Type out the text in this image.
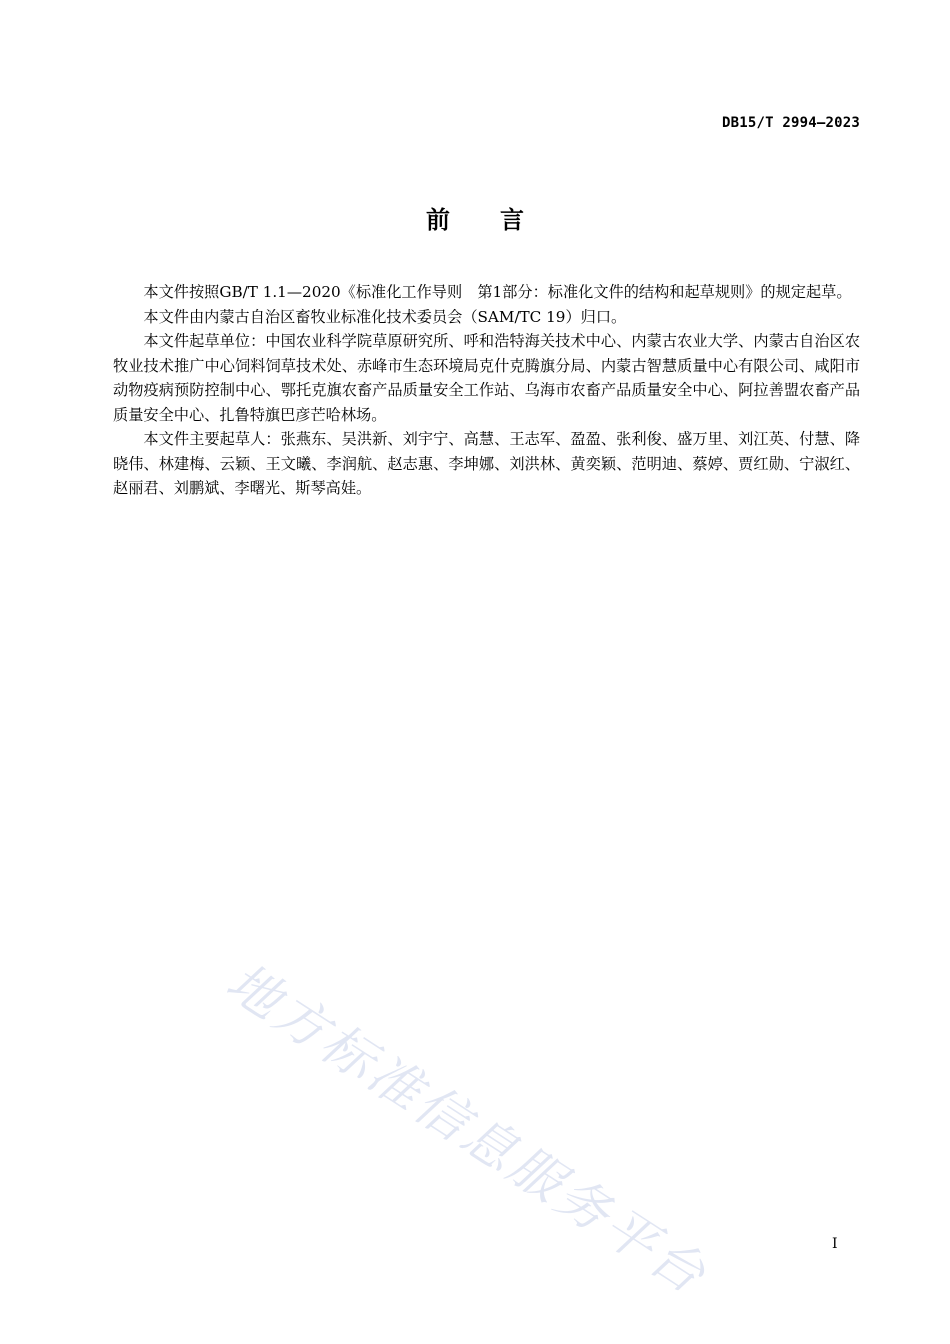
DB15/T 2994—2023
前言

本文件按照GB/T 1.1—2020《标准化工作导则　第1部分：标准化文件的结构和起草规则》的规定起草。

本文件由内蒙古自治区畜牧业标准化技术委员会（SAM/TC 19）归口。

本文件起草单位：中国农业科学院草原研究所、呼和浩特海关技术中心、内蒙古农业大学、内蒙古自治区农牧业技术推广中心饲料饲草技术处、赤峰市生态环境局克什克腾旗分局、内蒙古智慧质量中心有限公司、咸阳市动物疫病预防控制中心、鄂托克旗农畜产品质量安全工作站、乌海市农畜产品质量安全中心、阿拉善盟农畜产品质量安全中心、扎鲁特旗巴彦芒哈林场。

本文件主要起草人：张燕东、吴洪新、刘宇宁、高慧、王志军、盈盈、张利俊、盛万里、刘江英、付慧、降晓伟、林建梅、云颖、王文曦、李润航、赵志惠、李坤娜、刘洪林、黄奕颖、范明迪、蔡婷、贾红勋、宁淑红、赵丽君、刘鹏斌、李曙光、斯琴高娃。

地方标准信息服务平台	I
